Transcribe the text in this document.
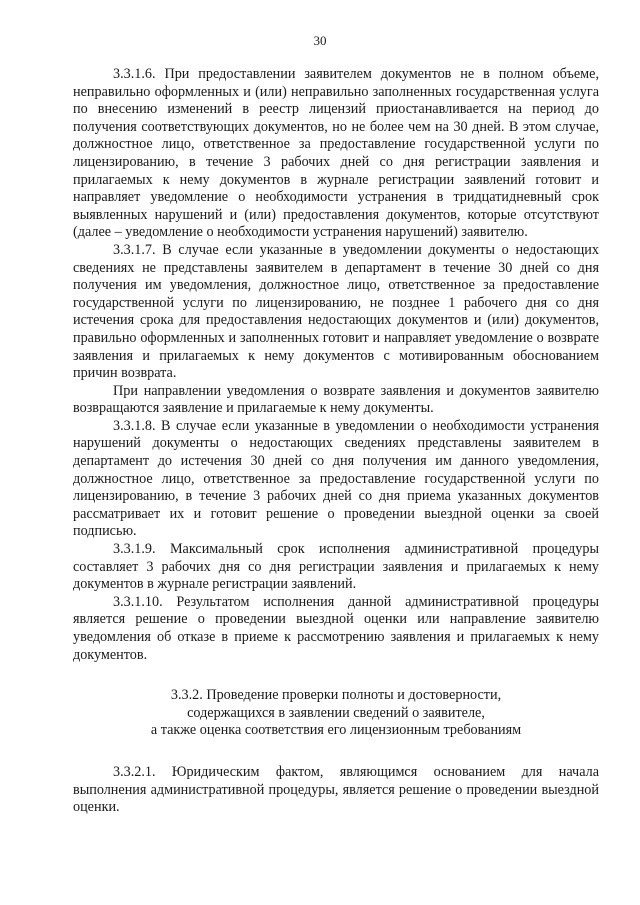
30

3.3.1.6. При предоставлении заявителем документов не в полном объеме, неправильно оформленных и (или) неправильно заполненных государственная услуга по внесению изменений в реестр лицензий приостанавливается на период до получения соответствующих документов, но не более чем на 30 дней. В этом случае, должностное лицо, ответственное за предоставление государственной услуги по лицензированию, в течение 3 рабочих дней со дня регистрации заявления и прилагаемых к нему документов в журнале регистрации заявлений готовит и направляет уведомление о необходимости устранения в тридцатидневный срок выявленных нарушений и (или) предоставления документов, которые отсутствуют (далее – уведомление о необходимости устранения нарушений) заявителю.

3.3.1.7. В случае если указанные в уведомлении документы о недостающих сведениях не представлены заявителем в департамент в течение 30 дней со дня получения им уведомления, должностное лицо, ответственное за предоставление государственной услуги по лицензированию, не позднее 1 рабочего дня со дня истечения срока для предоставления недостающих документов и (или) документов, правильно оформленных и заполненных готовит и направляет уведомление о возврате заявления и прилагаемых к нему документов с мотивированным обоснованием причин возврата.

При направлении уведомления о возврате заявления и документов заявителю возвращаются заявление и прилагаемые к нему документы.

3.3.1.8. В случае если указанные в уведомлении о необходимости устранения нарушений документы о недостающих сведениях представлены заявителем в департамент до истечения 30 дней со дня получения им данного уведомления, должностное лицо, ответственное за предоставление государственной услуги по лицензированию, в течение 3 рабочих дней со дня приема указанных документов рассматривает их и готовит решение о проведении выездной оценки за своей подписью.

3.3.1.9. Максимальный срок исполнения административной процедуры составляет 3 рабочих дня со дня регистрации заявления и прилагаемых к нему документов в журнале регистрации заявлений.

3.3.1.10. Результатом исполнения данной административной процедуры является решение о проведении выездной оценки или направление заявителю уведомления об отказе в приеме к рассмотрению заявления и прилагаемых к нему документов.

3.3.2. Проведение проверки полноты и достоверности,
содержащихся в заявлении сведений о заявителе,
а также оценка соответствия его лицензионным требованиям

3.3.2.1. Юридическим фактом, являющимся основанием для начала выполнения административной процедуры, является решение о проведении выездной оценки.
